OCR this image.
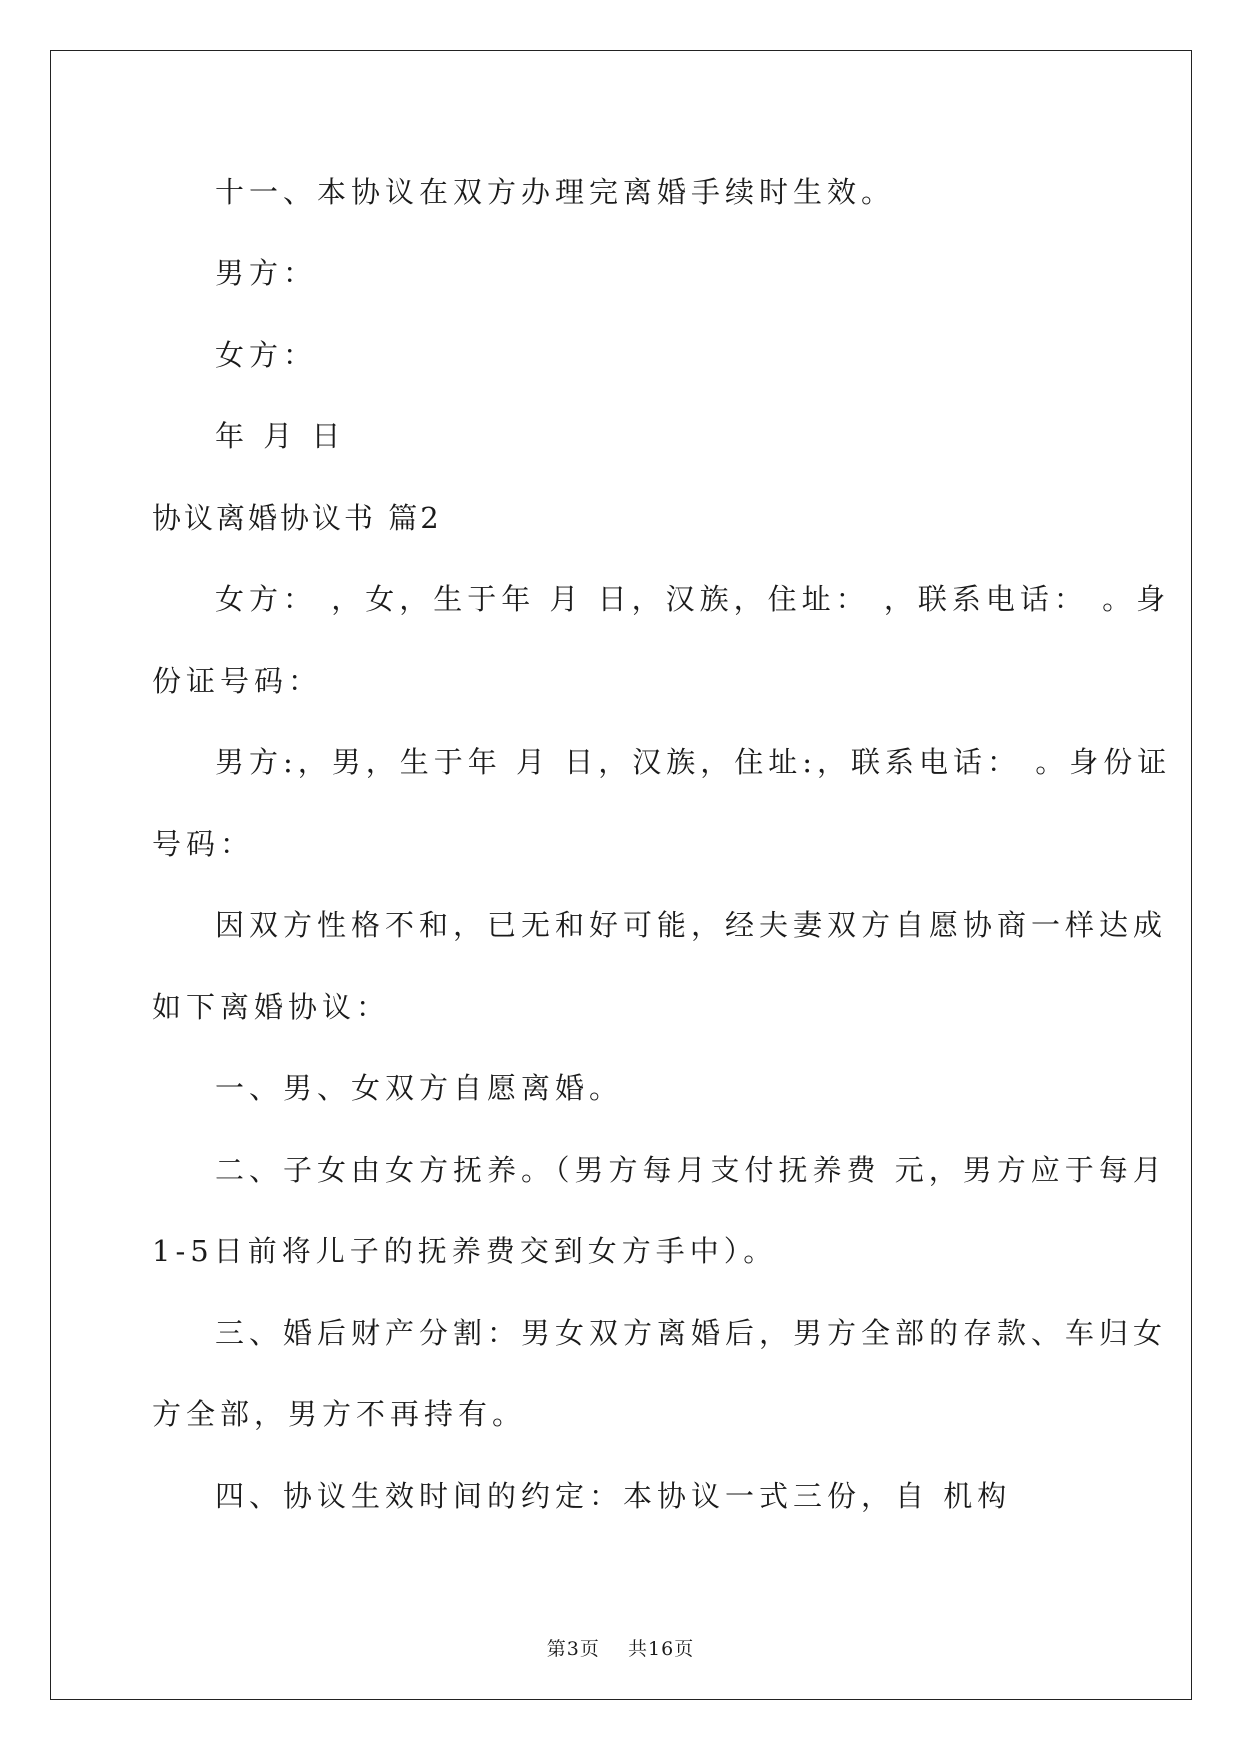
十一、本协议在双方办理完离婚手续时生效。
男方：
女方：
年 月 日
协议离婚协议书 篇2
女方： ，女，生于年 月 日，汉族，住址： ，联系电话： 。身
份证号码：
男方:，男，生于年 月 日，汉族，住址:，联系电话： 。身份证
号码：
因双方性格不和，已无和好可能，经夫妻双方自愿协商一样达成
如下离婚协议：
一、男、女双方自愿离婚。
二、子女由女方抚养。（男方每月支付抚养费 元，男方应于每月
1-5日前将儿子的抚养费交到女方手中）。
三、婚后财产分割：男女双方离婚后，男方全部的存款、车归女
方全部，男方不再持有。
四、协议生效时间的约定：本协议一式三份，自 机构
第3页    共16页
